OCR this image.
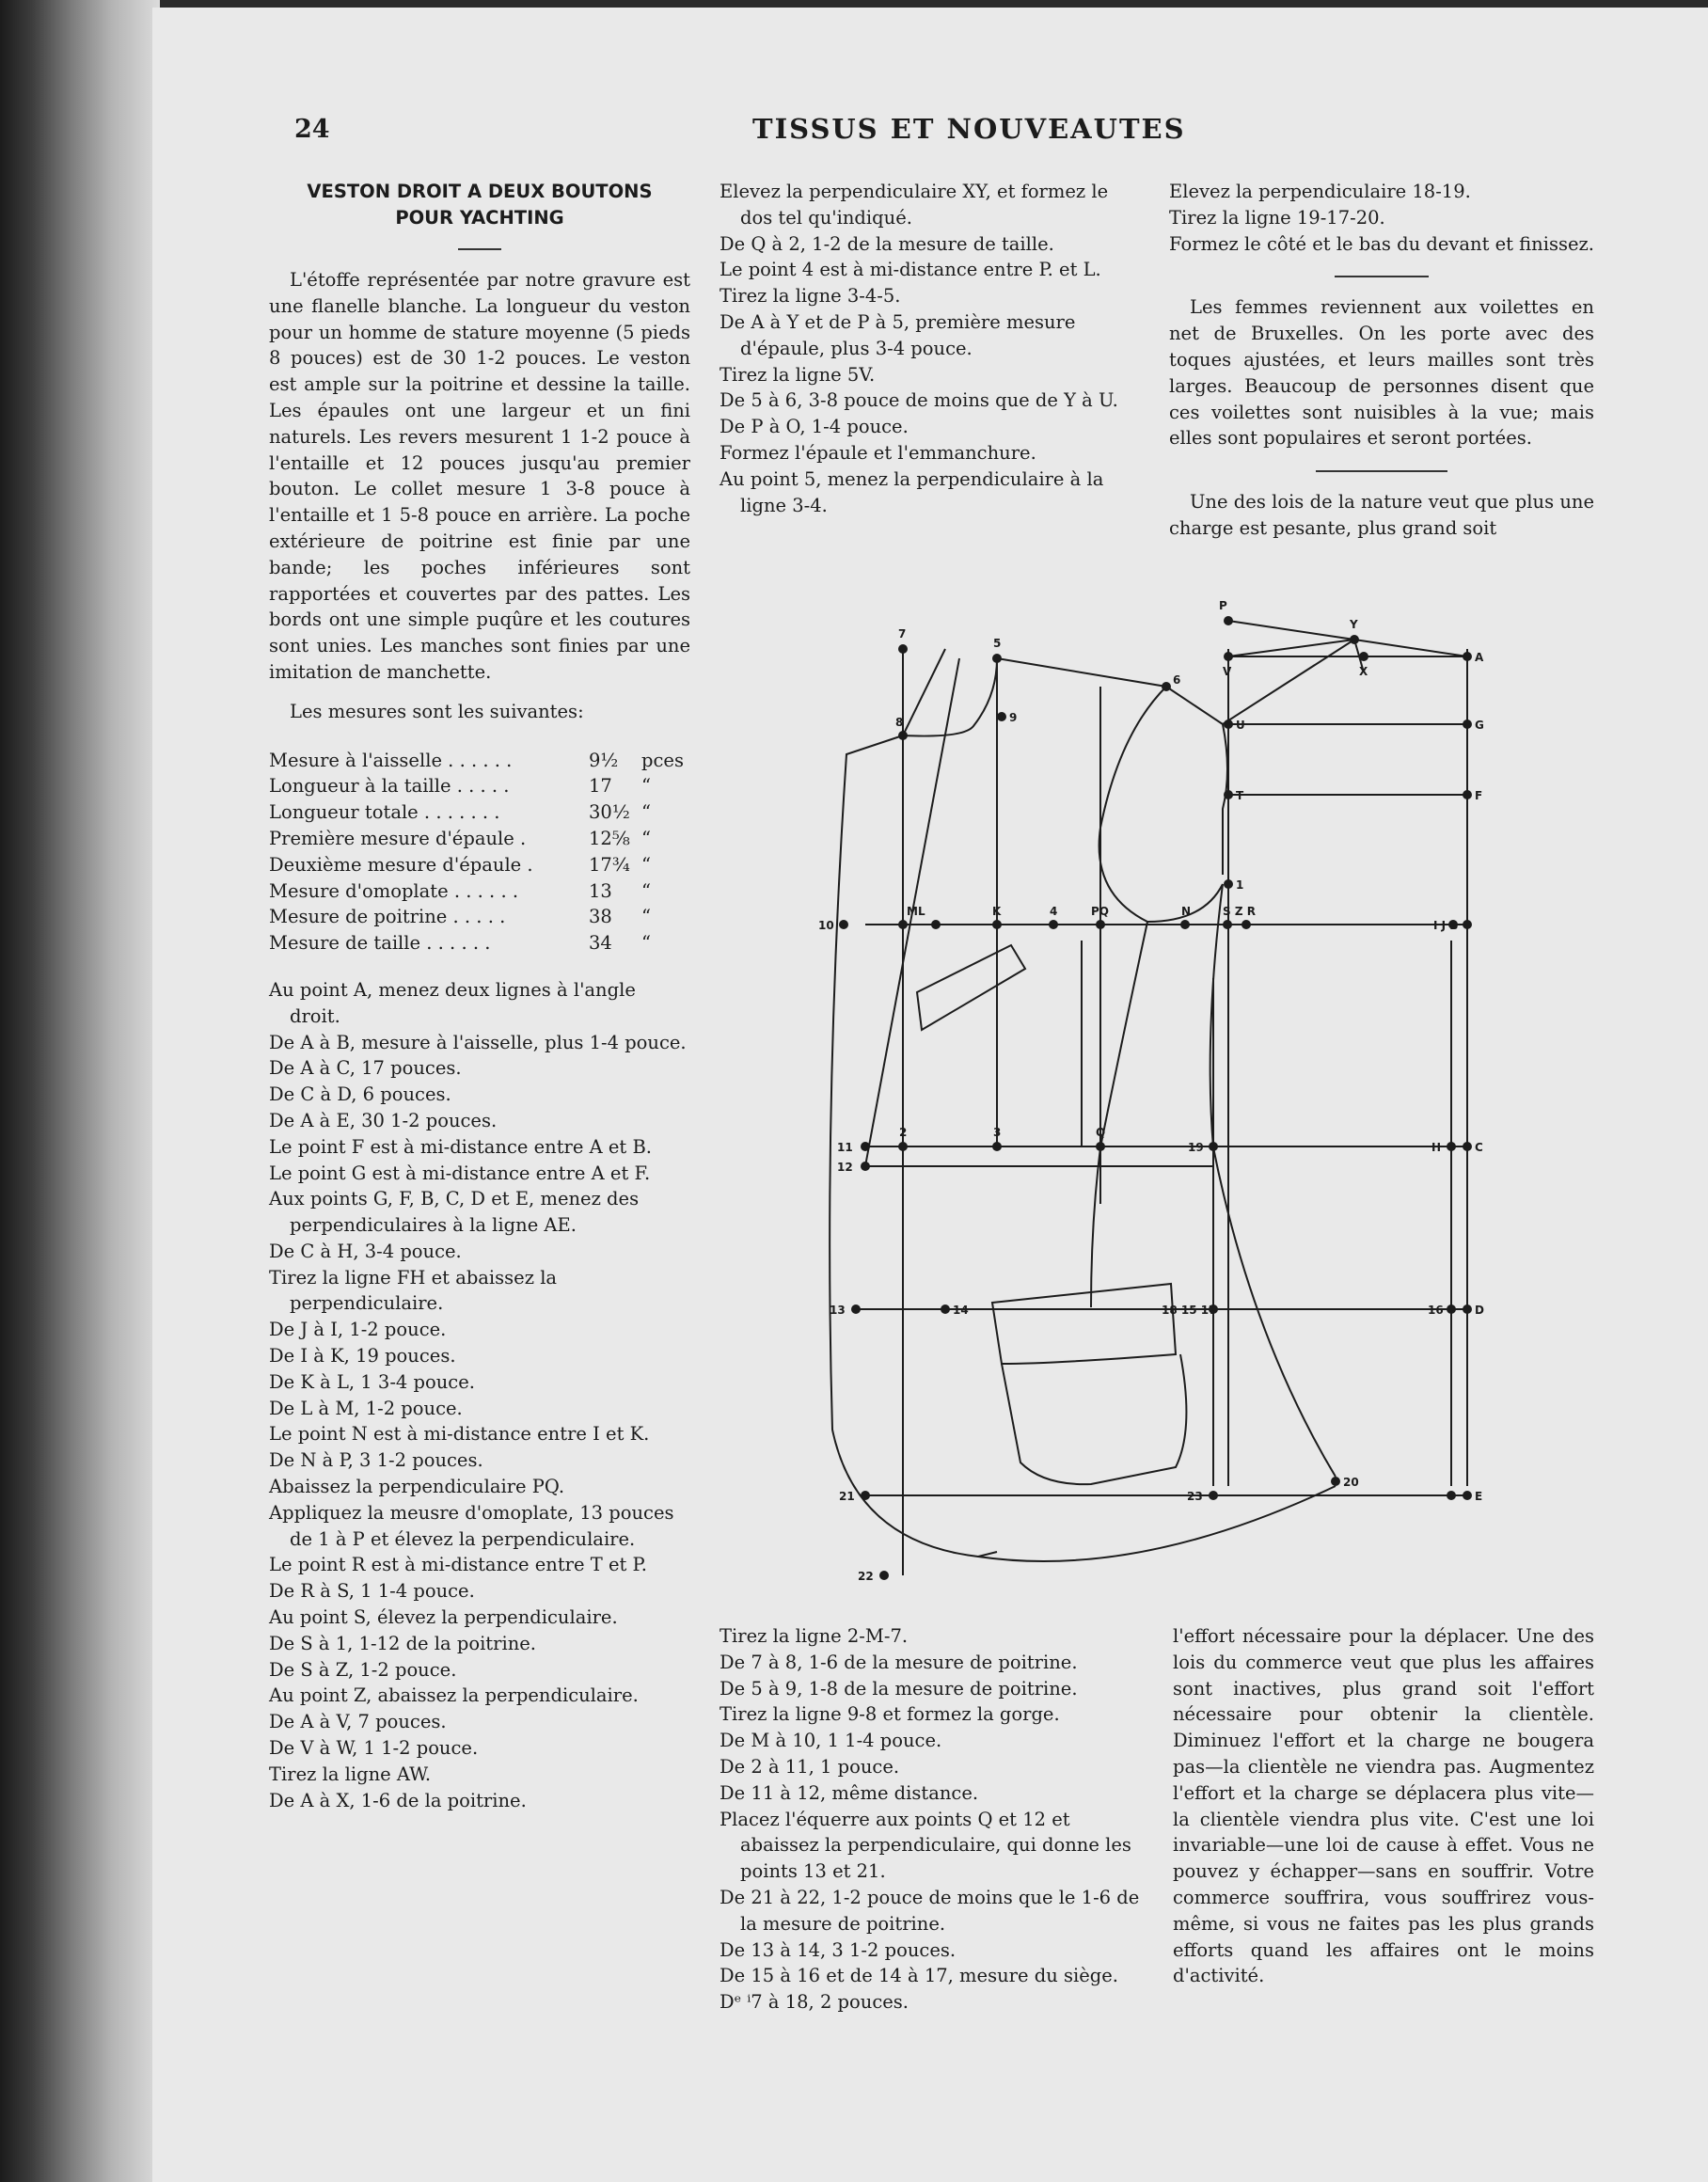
24	TISSUS ET NOUVEAUTES

VESTON DROIT A DEUX BOUTONS

POUR YACHTING

L'étoffe représentée par notre gravure est une flanelle blanche. La longueur du veston pour un homme de stature moyenne (5 pieds 8 pouces) est de 30 1-2 pouces. Le veston est ample sur la poitrine et dessine la taille. Les épaules ont une largeur et un fini naturels. Les revers mesurent 1 1-2 pouce à l'entaille et 12 pouces jusqu'au premier bouton. Le collet mesure 1 3-8 pouce à l'entaille et 1 5-8 pouce en arrière. La poche extérieure de poitrine est finie par une bande; les poches inférieures sont rapportées et couvertes par des pattes. Les bords ont une simple puqûre et les coutures sont unies. Les manches sont finies par une imitation de manchette.

Les mesures sont les suivantes:

Mesure à l'aisselle . . . . . .	9½	pces
Longueur à la taille . . . . .	17	“
Longueur totale . . . . . . .	30½ “
Première mesure d'épaule .	12⅝ “
Deuxième mesure d'épaule .	17¾ “
Mesure d'omoplate . . . . . .	13	“
Mesure de poitrine . . . . .	38	“
Mesure de taille . . . . . .	34	“

Au point A, menez deux lignes à l'angle droit.

De A à B, mesure à l'aisselle, plus 1-4 pouce.

De A à C, 17 pouces.

De C à D, 6 pouces.

De A à E, 30 1-2 pouces.

Le point F est à mi-distance entre A et B.

Le point G est à mi-distance entre A et F.

Aux points G, F, B, C, D et E, menez des perpendiculaires à la ligne AE.

De C à H, 3-4 pouce.

Tirez la ligne FH et abaissez la perpendiculaire.

De J à I, 1-2 pouce.

De I à K, 19 pouces.

De K à L, 1 3-4 pouce.

De L à M, 1-2 pouce.

Le point N est à mi-distance entre I et K.

De N à P, 3 1-2 pouces.

Abaissez la perpendiculaire PQ.

Appliquez la meusre d'omoplate, 13 pouces de 1 à P et élevez la perpendiculaire.

Le point R est à mi-distance entre T et P.

De R à S, 1 1-4 pouce.

Au point S, élevez la perpendiculaire.

De S à 1, 1-12 de la poitrine.

De S à Z, 1-2 pouce.

Au point Z, abaissez la perpendiculaire.

De A à V, 7 pouces.

De V à W, 1 1-2 pouce.

Tirez la ligne AW.

De A à X, 1-6 de la poitrine.

Elevez la perpendiculaire XY, et formez le dos tel qu'indiqué.

De Q à 2, 1-2 de la mesure de taille.

Le point 4 est à mi-distance entre P. et L.

Tirez la ligne 3-4-5.

De A à Y et de P à 5, première mesure d'épaule, plus 3-4 pouce.

Tirez la ligne 5V.

De 5 à 6, 3-8 pouce de moins que de Y à U.

De P à O, 1-4 pouce.

Formez l'épaule et l'emmanchure.

Au point 5, menez la perpendiculaire à la ligne 3-4.

Elevez la perpendiculaire 18-19.

Tirez la ligne 19-17-20.

Formez le côté et le bas du devant et finissez.

Les femmes reviennent aux voilettes en net de Bruxelles. On les porte avec des toques ajustées, et leurs mailles sont très larges. Beaucoup de personnes disent que ces voilettes sont nuisibles à la vue; mais elles sont populaires et seront portées.

Une des lois de la nature veut que plus une charge est pesante, plus grand soit

P
Y
V	X
A
7
5
6
8	9
U	G
T	F
1
10
ML	K	4	PQ	N	S Z R
I J B
11
2	3	Q
19	H	C
12
13	14	18 15 17	16	D
21	23
20
E
22

Tirez la ligne 2-M-7.

De 7 à 8, 1-6 de la mesure de poitrine.

De 5 à 9, 1-8 de la mesure de poitrine.

Tirez la ligne 9-8 et formez la gorge.

De M à 10, 1 1-4 pouce.

De 2 à 11, 1 pouce.

De 11 à 12, même distance.

Placez l'équerre aux points Q et 12 et abaissez la perpendiculaire, qui donne les points 13 et 21.

De 21 à 22, 1-2 pouce de moins que le 1-6 de la mesure de poitrine.

De 13 à 14, 3 1-2 pouces.

De 15 à 16 et de 14 à 17, mesure du siège.

Dᵉ ⁱ7 à 18, 2 pouces.

l'effort nécessaire pour la déplacer. Une des lois du commerce veut que plus les affaires sont inactives, plus grand soit l'effort nécessaire pour obtenir la clientèle. Diminuez l'effort et la charge ne bougera pas—la clientèle ne viendra pas. Augmentez l'effort et la charge se déplacera plus vite—la clientèle viendra plus vite. C'est une loi invariable—une loi de cause à effet. Vous ne pouvez y échapper—sans en souffrir. Votre commerce souffrira, vous souffrirez vous-même, si vous ne faites pas les plus grands efforts quand les affaires ont le moins d'activité.
